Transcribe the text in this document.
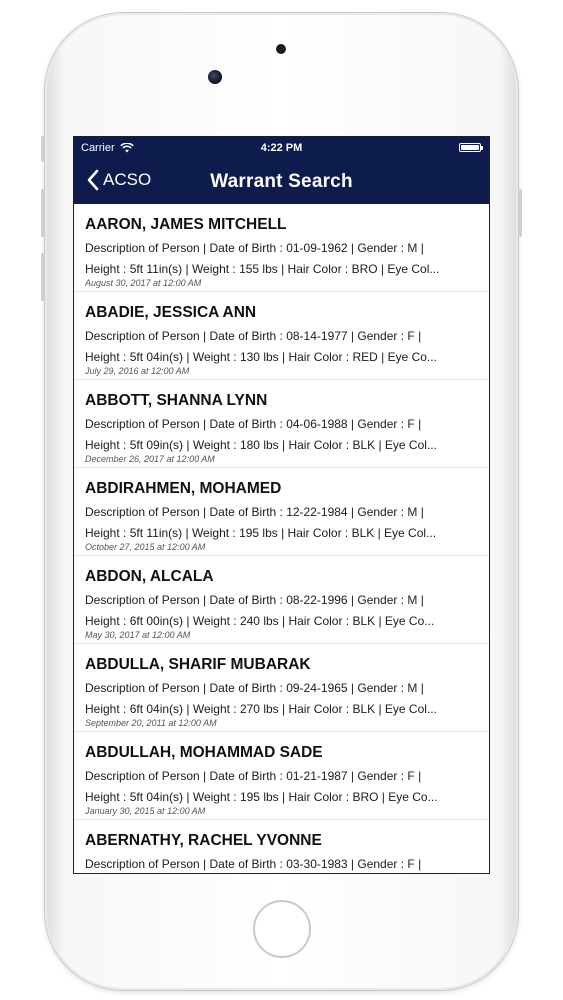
Carrier	4:22 PM
ACSO	Warrant Search
AARON, JAMES MITCHELL
Description of Person | Date of Birth : 01-09-1962 | Gender : M |
Height : 5ft 11in(s) | Weight : 155 lbs | Hair Color : BRO | Eye Col...
August 30, 2017 at 12:00 AM
ABADIE, JESSICA ANN
Description of Person | Date of Birth : 08-14-1977 | Gender : F |
Height : 5ft 04in(s) | Weight : 130 lbs | Hair Color : RED | Eye Co...
July 29, 2016 at 12:00 AM
ABBOTT, SHANNA LYNN
Description of Person | Date of Birth : 04-06-1988 | Gender : F |
Height : 5ft 09in(s) | Weight : 180 lbs | Hair Color : BLK | Eye Col...
December 26, 2017 at 12:00 AM
ABDIRAHMEN, MOHAMED
Description of Person | Date of Birth : 12-22-1984 | Gender : M |
Height : 5ft 11in(s) | Weight : 195 lbs | Hair Color : BLK | Eye Col...
October 27, 2015 at 12:00 AM
ABDON, ALCALA
Description of Person | Date of Birth : 08-22-1996 | Gender : M |
Height : 6ft 00in(s) | Weight : 240 lbs | Hair Color : BLK | Eye Co...
May 30, 2017 at 12:00 AM
ABDULLA, SHARIF MUBARAK
Description of Person | Date of Birth : 09-24-1965 | Gender : M |
Height : 6ft 04in(s) | Weight : 270 lbs | Hair Color : BLK | Eye Col...
September 20, 2011 at 12:00 AM
ABDULLAH, MOHAMMAD SADE
Description of Person | Date of Birth : 01-21-1987 | Gender : F |
Height : 5ft 04in(s) | Weight : 195 lbs | Hair Color : BRO | Eye Co...
January 30, 2015 at 12:00 AM
ABERNATHY, RACHEL YVONNE
Description of Person | Date of Birth : 03-30-1983 | Gender : F |
